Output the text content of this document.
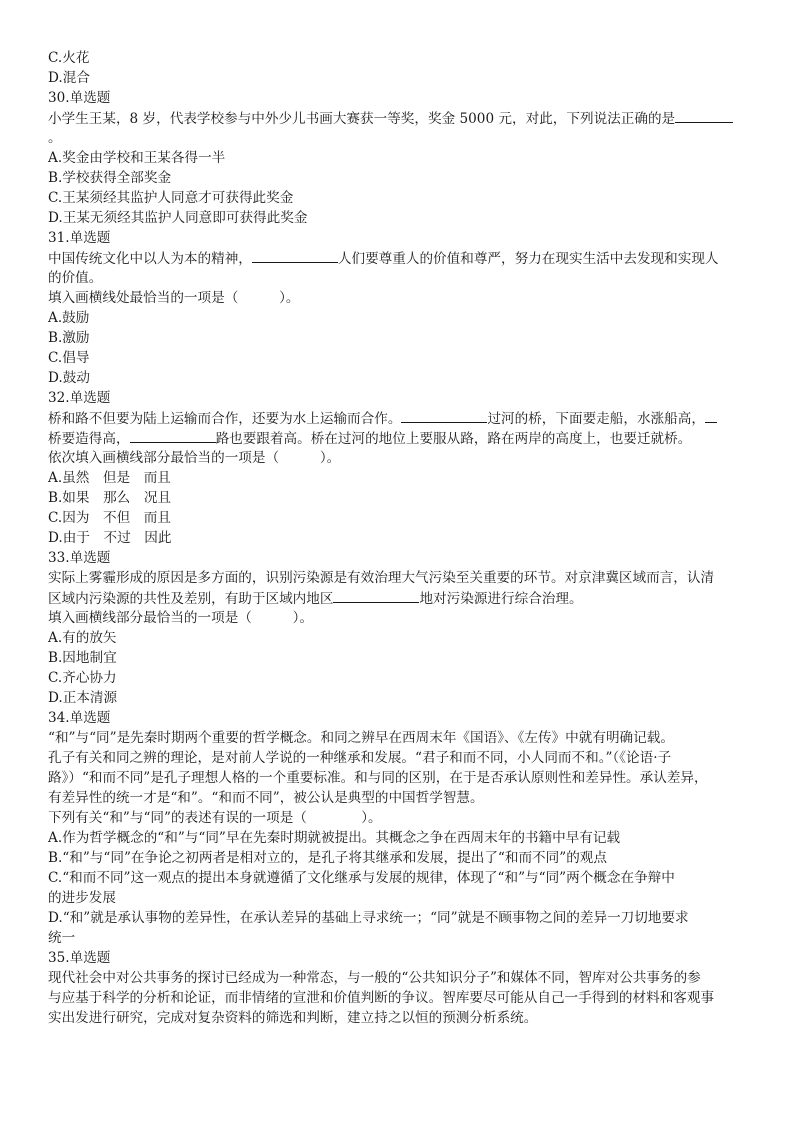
C.火花
D.混合
30.单选题
小学生王某，8 岁，代表学校参与中外少儿书画大赛获一等奖，奖金 5000 元，对此，下列说法正确的是
。
A.奖金由学校和王某各得一半
B.学校获得全部奖金
C.王某须经其监护人同意才可获得此奖金
D.王某无须经其监护人同意即可获得此奖金
31.单选题
中国传统文化中以人为本的精神，	人们要尊重人的价值和尊严，努力在现实生活中去发现和实现人
的价值。
填入画横线处最恰当的一项是（　　　）。
A.鼓励
B.激励
C.倡导
D.鼓动
32.单选题
桥和路不但要为陆上运输而合作，还要为水上运输而合作。	过河的桥，下面要走船，水涨船高，
桥要造得高，	路也要跟着高。桥在过河的地位上要服从路，路在两岸的高度上，也要迁就桥。
依次填入画横线部分最恰当的一项是（　　　）。
A.虽然　但是　而且
B.如果　那么　况且
C.因为　不但　而且
D.由于　不过　因此
33.单选题
实际上雾霾形成的原因是多方面的，识别污染源是有效治理大气污染至关重要的环节。对京津冀区域而言，认清
区域内污染源的共性及差别，有助于区域内地区	地对污染源进行综合治理。
填入画横线部分最恰当的一项是（　　　）。
A.有的放矢
B.因地制宜
C.齐心协力
D.正本清源
34.单选题
“和”与“同”是先秦时期两个重要的哲学概念。和同之辨早在西周末年《国语》、《左传》中就有明确记载。
孔子有关和同之辨的理论，是对前人学说的一种继承和发展。“君子和而不同，小人同而不和。”（《论语·子
路》）“和而不同”是孔子理想人格的一个重要标准。和与同的区别，在于是否承认原则性和差异性。承认差异，
有差异性的统一才是“和”。“和而不同”，被公认是典型的中国哲学智慧。
下列有关“和”与“同”的表述有误的一项是（　　　　）。
A.作为哲学概念的“和”与“同”早在先秦时期就被提出。其概念之争在西周末年的书籍中早有记载
B.“和”与“同”在争论之初两者是相对立的，是孔子将其继承和发展，提出了“和而不同”的观点
C.“和而不同”这一观点的提出本身就遵循了文化继承与发展的规律，体现了“和”与“同”两个概念在争辩中
的进步发展
D.“和”就是承认事物的差异性，在承认差异的基础上寻求统一；“同”就是不顾事物之间的差异一刀切地要求
统一
35.单选题
现代社会中对公共事务的探讨已经成为一种常态，与一般的“公共知识分子”和媒体不同，智库对公共事务的参
与应基于科学的分析和论证，而非情绪的宣泄和价值判断的争议。智库要尽可能从自己一手得到的材料和客观事
实出发进行研究，完成对复杂资料的筛选和判断，建立持之以恒的预测分析系统。
